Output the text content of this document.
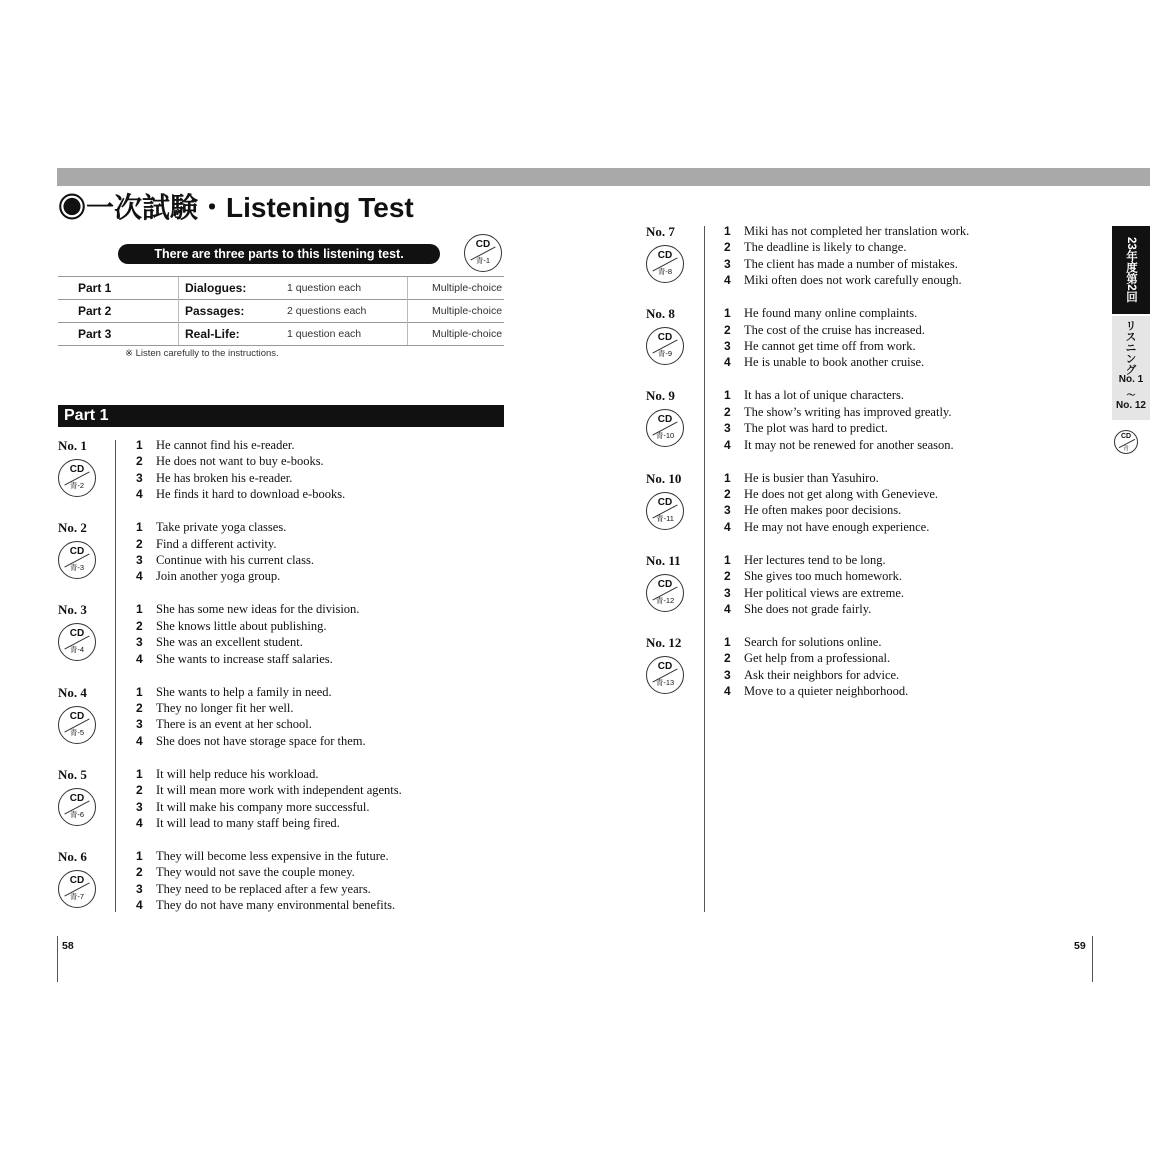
◉一次試験・Listening Test
There are three parts to this listening test.
CD
青-1
Part 1	Dialogues:	1 question each	Multiple-choice
Part 2	Passages:	2 questions each	Multiple-choice
Part 3	Real-Life:	1 question each	Multiple-choice
※ Listen carefully to the instructions.
Part 1
No. 1
CD
青-2
1	He cannot find his e-reader.
2	He does not want to buy e-books.
3	He has broken his e-reader.
4	He finds it hard to download e-books.
No. 2
CD
青-3
1	Take private yoga classes.
2	Find a different activity.
3	Continue with his current class.
4	Join another yoga group.
No. 3
CD
青-4
1	She has some new ideas for the division.
2	She knows little about publishing.
3	She was an excellent student.
4	She wants to increase staff salaries.
No. 4
CD
青-5
1	She wants to help a family in need.
2	They no longer fit her well.
3	There is an event at her school.
4	She does not have storage space for them.
No. 5
CD
青-6
1	It will help reduce his workload.
2	It will mean more work with independent agents.
3	It will make his company more successful.
4	It will lead to many staff being fired.
No. 6
CD
青-7
1	They will become less expensive in the future.
2	They would not save the couple money.
3	They need to be replaced after a few years.
4	They do not have many environmental benefits.
No. 7
CD
青-8
1	Miki has not completed her translation work.
2	The deadline is likely to change.
3	The client has made a number of mistakes.
4	Miki often does not work carefully enough.
No. 8
CD
青-9
1	He found many online complaints.
2	The cost of the cruise has increased.
3	He cannot get time off from work.
4	He is unable to book another cruise.
No. 9
CD
青-10
1	It has a lot of unique characters.
2	The show’s writing has improved greatly.
3	The plot was hard to predict.
4	It may not be renewed for another season.
No. 10
CD
青-11
1	He is busier than Yasuhiro.
2	He does not get along with Genevieve.
3	He often makes poor decisions.
4	He may not have enough experience.
No. 11
CD
青-12
1	Her lectures tend to be long.
2	She gives too much homework.
3	Her political views are extreme.
4	She does not grade fairly.
No. 12
CD
青-13
1	Search for solutions online.
2	Get help from a professional.
3	Ask their neighbors for advice.
4	Move to a quieter neighborhood.
58	59
23年度第2回
リスニング
No. 1
〜
No. 12
CD
青
